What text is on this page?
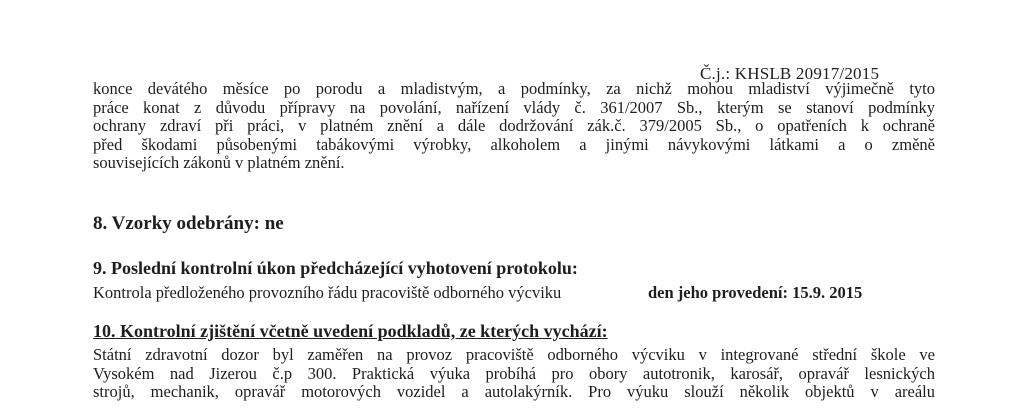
Č.j.: KHSLB 20917/2015
konce devátého měsíce po porodu a mladistvým, a podmínky, za nichž mohou mladiství výjimečně tyto
práce konat z důvodu přípravy na povolání, nařízení vlády č. 361/2007 Sb., kterým se stanoví podmínky
ochrany zdraví při práci, v platném znění a dále dodržování zák.č. 379/2005 Sb., o opatřeních k ochraně
před škodami působenými tabákovými výrobky, alkoholem a jinými návykovými látkami a o změně
souvisejících zákonů v platném znění.
8. Vzorky odebrány: ne
9. Poslední kontrolní úkon předcházející vyhotovení protokolu:
Kontrola předloženého provozního řádu pracoviště odborného výcviku	den jeho provedení: 15.9. 2015
10. Kontrolní zjištění včetně uvedení podkladů, ze kterých vychází:
Státní zdravotní dozor byl zaměřen na provoz pracoviště odborného výcviku v integrované střední škole ve
Vysokém nad Jizerou č.p 300. Praktická výuka probíhá pro obory autotronik, karosář, opravář lesnických
strojů, mechanik, opravář motorových vozidel a autolakýrník. Pro výuku slouží několik objektů v areálu
